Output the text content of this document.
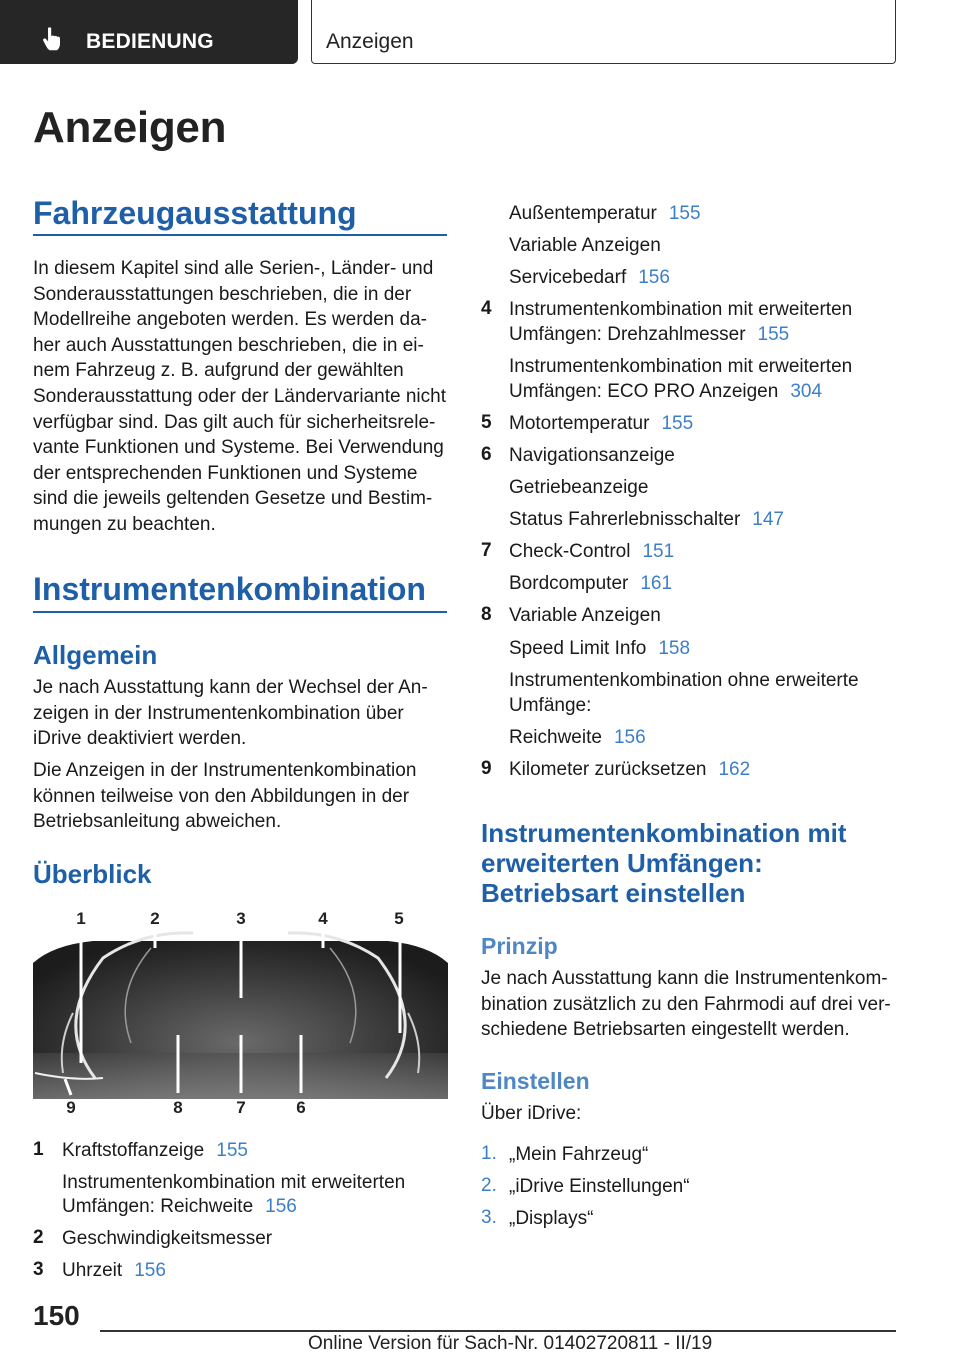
BEDIENUNG	Anzeigen
Anzeigen
Fahrzeugausstattung
In diesem Kapitel sind alle Serien-, Länder- und
Sonderausstattungen beschrieben, die in der
Modellreihe angeboten werden. Es werden da-
her auch Ausstattungen beschrieben, die in ei-
nem Fahrzeug z. B. aufgrund der gewählten
Sonderausstattung oder der Ländervariante nicht
verfügbar sind. Das gilt auch für sicherheitsrele-
vante Funktionen und Systeme. Bei Verwendung
der entsprechenden Funktionen und Systeme
sind die jeweils geltenden Gesetze und Bestim-
mungen zu beachten.
Instrumentenkombination
Allgemein
Je nach Ausstattung kann der Wechsel der An-
zeigen in der Instrumentenkombination über
iDrive deaktiviert werden.
Die Anzeigen in der Instrumentenkombination
können teilweise von den Abbildungen in der
Betriebsanleitung abweichen.
Überblick
1	2	3	4	5
9	8	7	6
1 Kraftstoffanzeige 155
Instrumentenkombination mit erweiterten
Umfängen: Reichweite 156
2 Geschwindigkeitsmesser
3 Uhrzeit 156
Außentemperatur 155
Variable Anzeigen
Servicebedarf 156
4 Instrumentenkombination mit erweiterten
Umfängen: Drehzahlmesser 155
Instrumentenkombination mit erweiterten
Umfängen: ECO PRO Anzeigen 304
5 Motortemperatur 155
6 Navigationsanzeige
Getriebeanzeige
Status Fahrerlebnisschalter 147
7 Check-Control 151
Bordcomputer 161
8 Variable Anzeigen
Speed Limit Info 158
Instrumentenkombination ohne erweiterte
Umfänge:
Reichweite 156
9 Kilometer zurücksetzen 162
Instrumentenkombination mit
erweiterten Umfängen:
Betriebsart einstellen
Prinzip
Je nach Ausstattung kann die Instrumentenkom-
bination zusätzlich zu den Fahrmodi auf drei ver-
schiedene Betriebsarten eingestellt werden.
Einstellen
Über iDrive:
1. „Mein Fahrzeug“
2. „iDrive Einstellungen“
3. „Displays“
150
Online Version für Sach-Nr. 01402720811 - II/19
